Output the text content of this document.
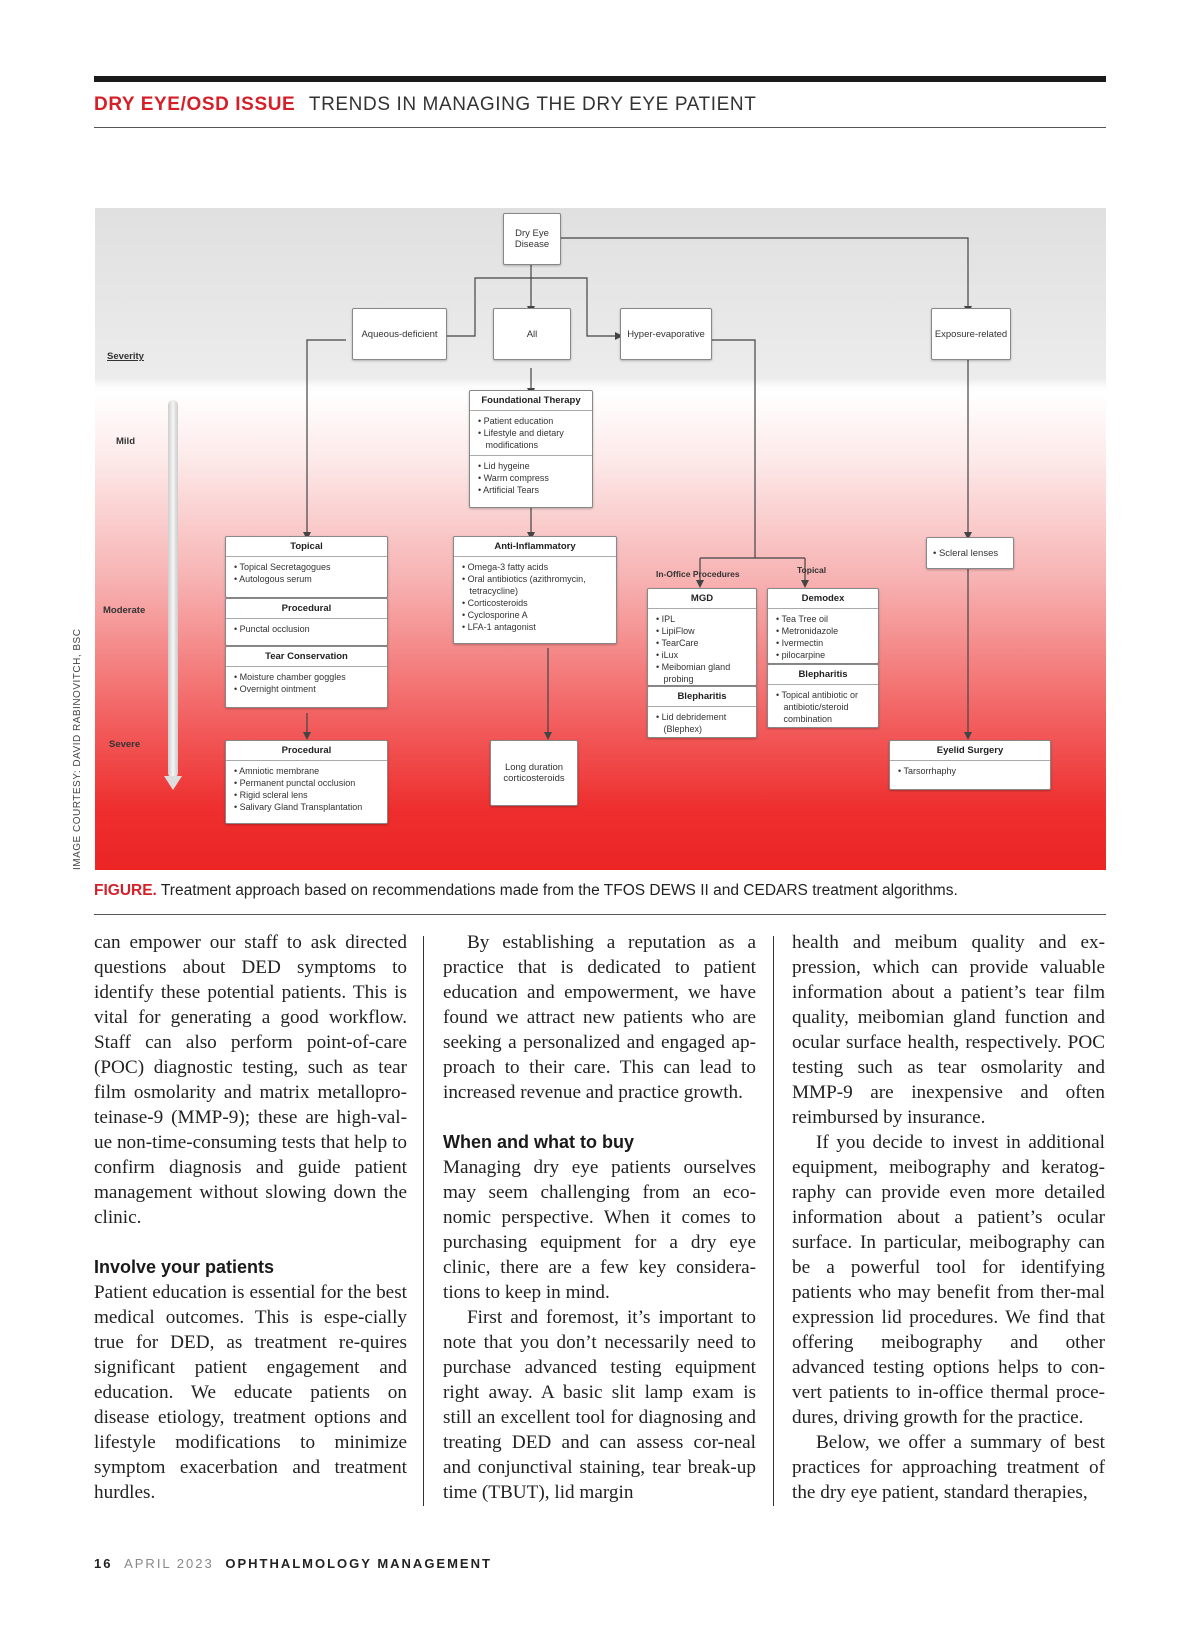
DRY EYE/OSD ISSUE TRENDS IN MANAGING THE DRY EYE PATIENT
IMAGE COURTESY: DAVID RABINOVITCH, BSC
Severity
Mild
Moderate
Severe
Dry Eye Disease
Aqueous-deficient	All	Hyper-evaporative	Exposure-related
Foundational Therapy
• Patient education
• Lifestyle and dietary
modifications
• Lid hygeine
• Warm compress
• Artificial Tears
Topical
• Topical Secretagogues
• Autologous serum
Procedural
• Punctal occlusion
Tear Conservation
• Moisture chamber goggles
• Overnight ointment
Procedural
• Amniotic membrane
• Permanent punctal occlusion
• Rigid scleral lens
• Salivary Gland Transplantation
Anti-Inflammatory
• Omega-3 fatty acids
• Oral antibiotics (azithromycin,
tetracycline)
• Corticosteroids
• Cyclosporine A
• LFA-1 antagonist
Long duration corticosteroids
In-Office Procedures	Topical
MGD
• IPL
• LipiFlow
• TearCare
• iLux
• Meibomian gland
probing
Blepharitis
• Lid debridement
(Blephex)
Demodex
• Tea Tree oil
• Metronidazole
• Ivermectin
• pilocarpine
Blepharitis
• Topical antibiotic or
antibiotic/steroid
combination
• Scleral lenses
Eyelid Surgery
• Tarsorrhaphy
FIGURE. Treatment approach based on recommendations made from the TFOS DEWS II and CEDARS treatment algorithms.

can empower our staff to ask directed questions about DED symptoms to identify these potential patients. This is vital for generating a good workflow. Staff can also perform point-of-care (POC) diagnostic testing, such as tear film osmolarity and matrix metallopro-teinase-9 (MMP-9); these are high-val-ue non-time-consuming tests that help to confirm diagnosis and guide patient management without slowing down the clinic.

Involve your patients

Patient education is essential for the best medical outcomes. This is espe-cially true for DED, as treatment re-quires significant patient engagement and education. We educate patients on disease etiology, treatment options and lifestyle modifications to minimize symptom exacerbation and treatment hurdles.

By establishing a reputation as a practice that is dedicated to patient education and empowerment, we have found we attract new patients who are seeking a personalized and engaged ap-proach to their care. This can lead to increased revenue and practice growth.

When and what to buy

Managing dry eye patients ourselves may seem challenging from an eco-nomic perspective. When it comes to purchasing equipment for a dry eye clinic, there are a few key considera-tions to keep in mind.

First and foremost, it’s important to note that you don’t necessarily need to purchase advanced testing equipment right away. A basic slit lamp exam is still an excellent tool for diagnosing and treating DED and can assess cor-neal and conjunctival staining, tear break-up time (TBUT), lid margin

health and meibum quality and ex-pression, which can provide valuable information about a patient’s tear film quality, meibomian gland function and ocular surface health, respectively. POC testing such as tear osmolarity and MMP-9 are inexpensive and often reimbursed by insurance.

If you decide to invest in additional equipment, meibography and keratog-raphy can provide even more detailed information about a patient’s ocular surface. In particular, meibography can be a powerful tool for identifying patients who may benefit from ther-mal expression lid procedures. We find that offering meibography and other advanced testing options helps to con-vert patients to in-office thermal proce-dures, driving growth for the practice.

Below, we offer a summary of best practices for approaching treatment of the dry eye patient, standard therapies,

16 APRIL 2023 OPHTHALMOLOGY MANAGEMENT
